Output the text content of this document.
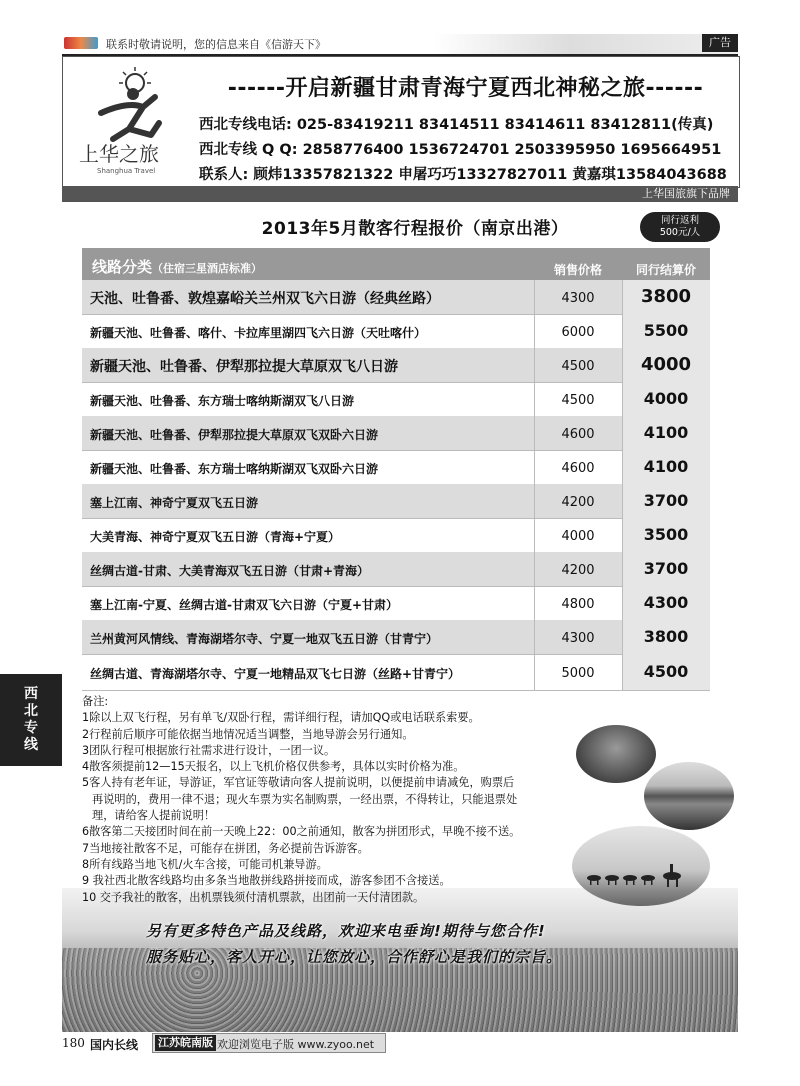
联系时敬请说明，您的信息来自《信游天下》	广告
上华之旅
Shanghua Travel
------开启新疆甘肃青海宁夏西北神秘之旅------
西北专线电话: 025-83419211 83414511 83414611 83412811(传真)
西北专线 Q Q: 2858776400 1536724701 2503395950 1695664951
联系人: 顾炜13357821322 申屠巧巧13327827011 黄嘉琪13584043688
上华国旅旗下品牌
2013年5月散客行程报价（南京出港）	同行返利
500元/人
线路分类（住宿三星酒店标准）	销售价格	同行结算价
天池、吐鲁番、敦煌嘉峪关兰州双飞六日游（经典丝路）	4300	3800
新疆天池、吐鲁番、喀什、卡拉库里湖四飞六日游（天吐喀什）	6000	5500
新疆天池、吐鲁番、伊犁那拉提大草原双飞八日游	4500	4000
新疆天池、吐鲁番、东方瑞士喀纳斯湖双飞八日游	4500	4000
新疆天池、吐鲁番、伊犁那拉提大草原双飞双卧六日游	4600	4100
新疆天池、吐鲁番、东方瑞士喀纳斯湖双飞双卧六日游	4600	4100
塞上江南、神奇宁夏双飞五日游	4200	3700
大美青海、神奇宁夏双飞五日游（青海+宁夏）	4000	3500
丝绸古道-甘肃、大美青海双飞五日游（甘肃+青海）	4200	3700
塞上江南-宁夏、丝绸古道-甘肃双飞六日游（宁夏+甘肃）	4800	4300
兰州黄河风情线、青海湖塔尔寺、宁夏一地双飞五日游（甘青宁）	4300	3800
丝绸古道、青海湖塔尔寺、宁夏一地精品双飞七日游（丝路+甘青宁）	5000	4500
西
北
专
线
另有更多特色产品及线路，欢迎来电垂询!期待与您合作!
服务贴心，客人开心，让您放心，合作舒心是我们的宗旨。
备注:
1除以上双飞行程，另有单飞/双卧行程，需详细行程，请加QQ或电话联系索要。
2行程前后顺序可能依据当地情况适当调整，当地导游会另行通知。
3团队行程可根据旅行社需求进行设计，一团一议。
4散客须提前12—15天报名，以上飞机价格仅供参考，具体以实时价格为准。
5客人持有老年证，导游证，军官证等敬请向客人提前说明，以便提前申请减免，购票后
再说明的，费用一律不退；现火车票为实名制购票，一经出票，不得转让，只能退票处
理，请给客人提前说明！
6散客第二天接团时间在前一天晚上22：00之前通知，散客为拼团形式，早晚不接不送。
7当地接社散客不足，可能存在拼团，务必提前告诉游客。
8所有线路当地飞机/火车含接，可能司机兼导游。
9 我社西北散客线路均由多条当地散拼线路拼接而成，游客参团不含接送。
10 交予我社的散客，出机票钱须付清机票款，出团前一天付清团款。
180 国内长线 江苏皖南版 欢迎浏览电子版 www.zyoo.net
